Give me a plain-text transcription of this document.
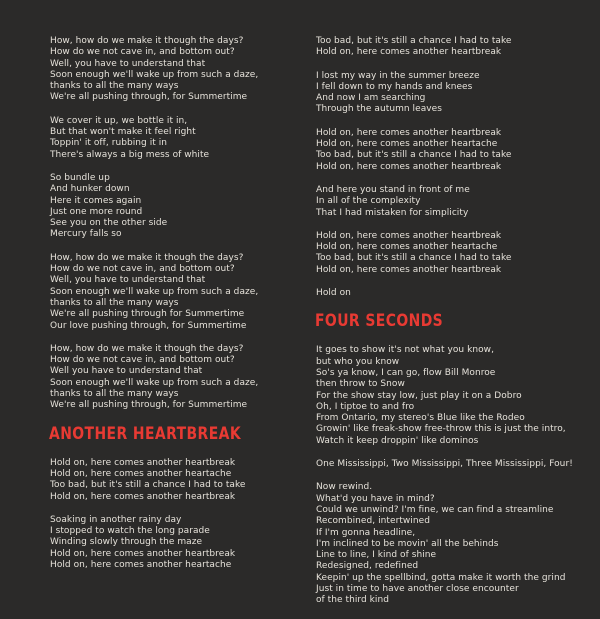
How, how do we make it though the days?
How do we not cave in, and bottom out?
Well, you have to understand that
Soon enough we'll wake up from such a daze,
thanks to all the many ways
We're all pushing through, for Summertime
We cover it up, we bottle it in,
But that won't make it feel right
Toppin' it off, rubbing it in
There's always a big mess of white
So bundle up
And hunker down
Here it comes again
Just one more round
See you on the other side
Mercury falls so
How, how do we make it though the days?
How do we not cave in, and bottom out?
Well, you have to understand that
Soon enough we'll wake up from such a daze,
thanks to all the many ways
We're all pushing through for Summertime
Our love pushing through, for Summertime
How, how do we make it though the days?
How do we not cave in, and bottom out?
Well you have to understand that
Soon enough we'll wake up from such a daze,
thanks to all the many ways
We're all pushing through, for Summertime
ANOTHER HEARTBREAK
Hold on, here comes another heartbreak
Hold on, here comes another heartache
Too bad, but it's still a chance I had to take
Hold on, here comes another heartbreak
Soaking in another rainy day
I stopped to watch the long parade
Winding slowly through the maze
Hold on, here comes another heartbreak
Hold on, here comes another heartache
Too bad, but it's still a chance I had to take
Hold on, here comes another heartbreak
I lost my way in the summer breeze
I fell down to my hands and knees
And now I am searching
Through the autumn leaves
Hold on, here comes another heartbreak
Hold on, here comes another heartache
Too bad, but it's still a chance I had to take
Hold on, here comes another heartbreak
And here you stand in front of me
In all of the complexity
That I had mistaken for simplicity
Hold on, here comes another heartbreak
Hold on, here comes another heartache
Too bad, but it's still a chance I had to take
Hold on, here comes another heartbreak
Hold on
FOUR SECONDS
It goes to show it's not what you know,
but who you know
So's ya know, I can go, flow Bill Monroe
then throw to Snow
For the show stay low, just play it on a Dobro
Oh, I tiptoe to and fro
From Ontario, my stereo's Blue like the Rodeo
Growin' like freak-show free-throw this is just the intro,
Watch it keep droppin' like dominos
One Mississippi, Two Mississippi, Three Mississippi, Four!
Now rewind.
What'd you have in mind?
Could we unwind? I'm fine, we can find a streamline
Recombined, intertwined
If I'm gonna headline,
I'm inclined to be movin' all the behinds
Line to line, I kind of shine
Redesigned, redefined
Keepin' up the spellbind, gotta make it worth the grind
Just in time to have another close encounter
of the third kind
